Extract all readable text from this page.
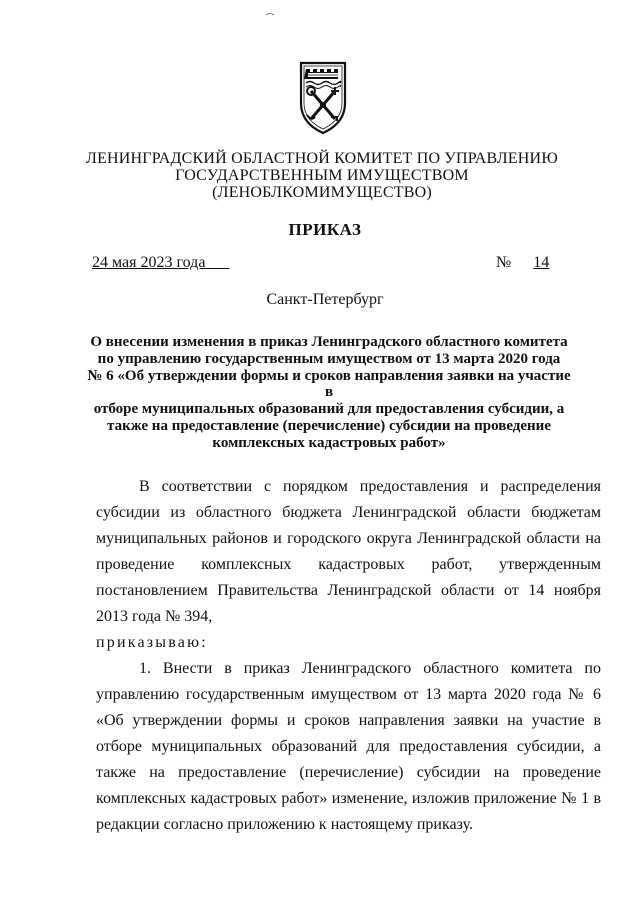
ЛЕНИНГРАДСКИЙ ОБЛАСТНОЙ КОМИТЕТ ПО УПРАВЛЕНИЮ
ГОСУДАРСТВЕННЫМ ИМУЩЕСТВОМ
(ЛЕНОБЛКОМИМУЩЕСТВО)
ПРИКАЗ
24 мая 2023 года	№ 14
Санкт-Петербург
О внесении изменения в приказ Ленинградского областного комитета
по управлению государственным имуществом от 13 марта 2020 года
№ 6 «Об утверждении формы и сроков направления заявки на участие в
отборе муниципальных образований для предоставления субсидии, а
также на предоставление (перечисление) субсидии на проведение
комплексных кадастровых работ»

В соответствии с порядком предоставления и распределения субсидии из областного бюджета Ленинградской области бюджетам муниципальных районов и городского округа Ленинградской области на проведение комплексных кадастровых работ, утвержденным постановлением Правительства Ленинградской области от 14 ноября 2013 года № 394,

приказываю:

1. Внести в приказ Ленинградского областного комитета по управлению государственным имуществом от 13 марта 2020 года № 6 «Об утверждении формы и сроков направления заявки на участие в отборе муниципальных образований для предоставления субсидии, а также на предоставление (перечисление) субсидии на проведение комплексных кадастровых работ» изменение, изложив приложение № 1 в редакции согласно приложению к настоящему приказу.
